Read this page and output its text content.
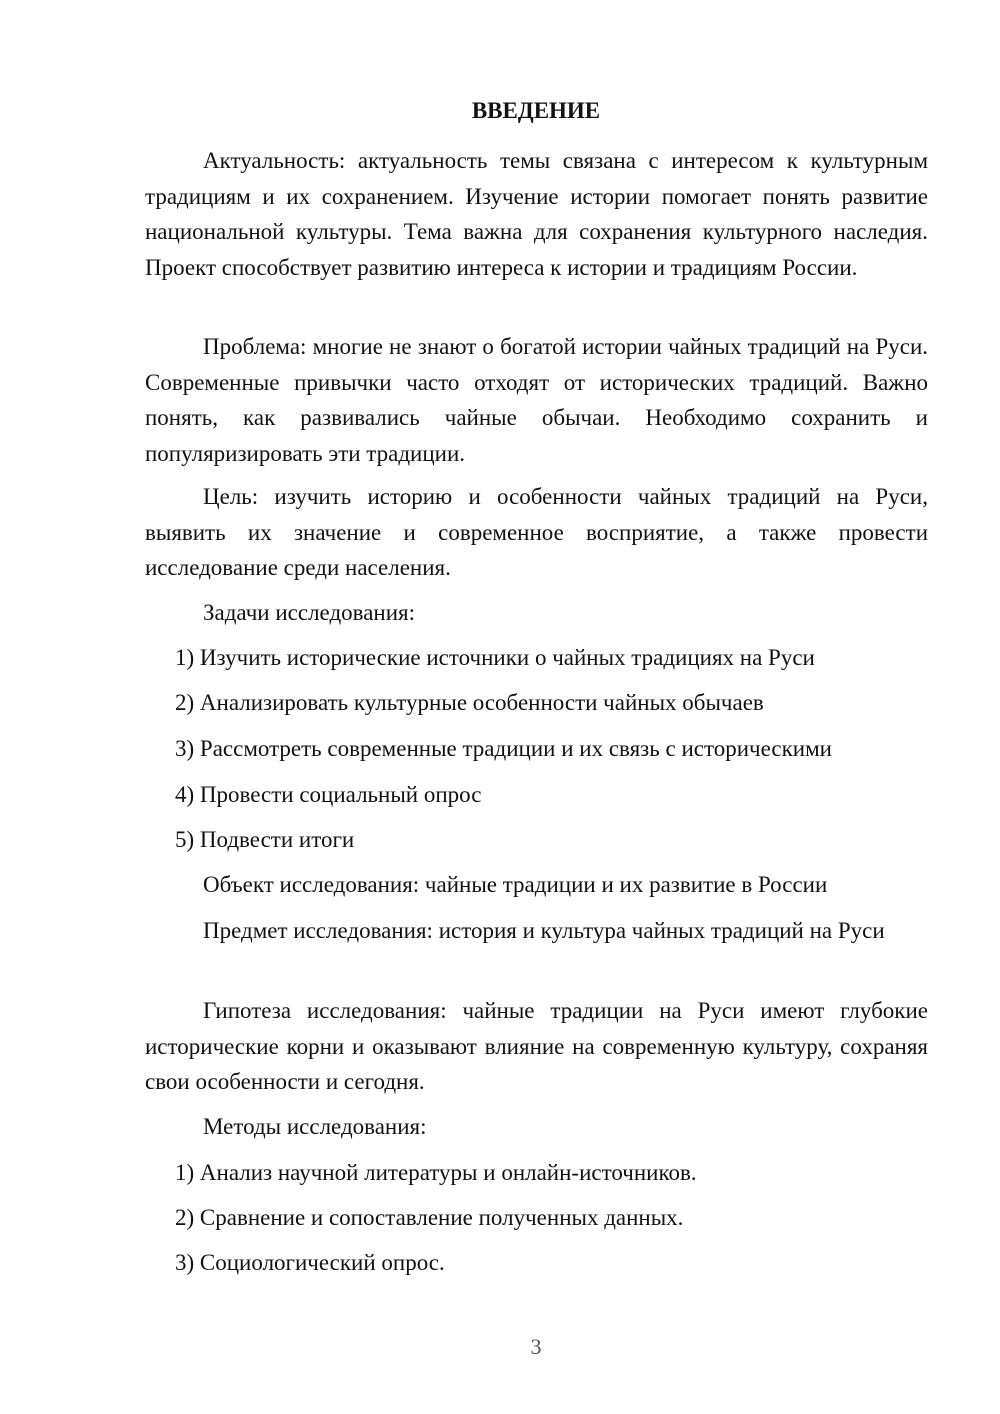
ВВЕДЕНИЕ

Актуальность: актуальность темы связана с интересом к культурным традициям и их сохранением. Изучение истории помогает понять развитие национальной культуры. Тема важна для сохранения культурного наследия. Проект способствует развитию интереса к истории и традициям России.

Проблема: многие не знают о богатой истории чайных традиций на Руси. Современные привычки часто отходят от исторических традиций. Важно понять, как развивались чайные обычаи. Необходимо сохранить и популяризировать эти традиции.

Цель: изучить историю и особенности чайных традиций на Руси, выявить их значение и современное восприятие, а также провести исследование среди населения.

Задачи исследования:
1) Изучить исторические источники о чайных традициях на Руси
2) Анализировать культурные особенности чайных обычаев
3) Рассмотреть современные традиции и их связь с историческими
4) Провести социальный опрос
5) Подвести итоги
Объект исследования: чайные традиции и их развитие в России

Предмет исследования: история и культура чайных традиций на Руси

Гипотеза исследования: чайные традиции на Руси имеют глубокие исторические корни и оказывают влияние на современную культуру, сохраняя свои особенности и сегодня.

Методы исследования:
1) Анализ научной литературы и онлайн-источников.
2) Сравнение и сопоставление полученных данных.
3) Социологический опрос.
3
